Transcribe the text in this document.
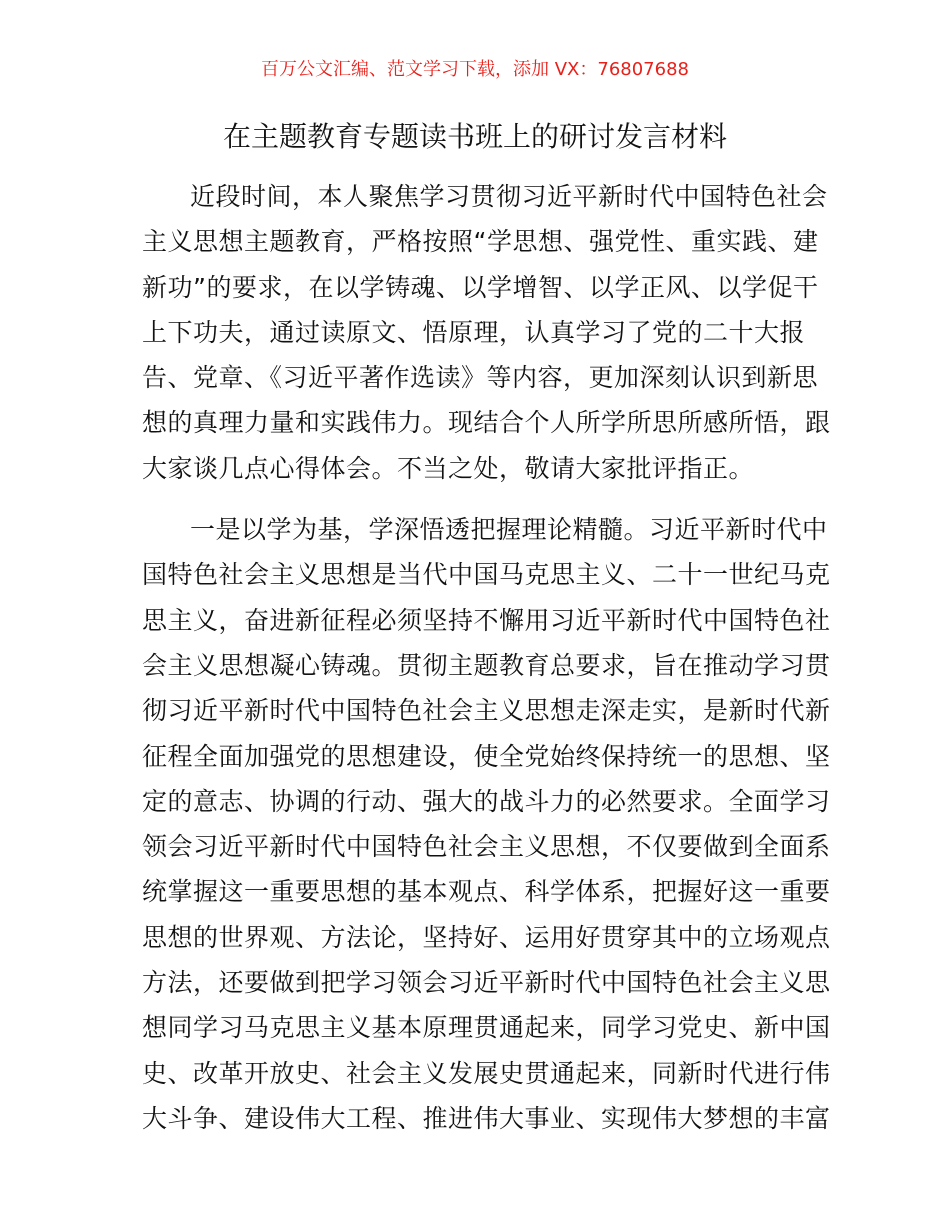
百万公文汇编、范文学习下载，添加 VX：76807688
在主题教育专题读书班上的研讨发言材料
近段时间，本人聚焦学习贯彻习近平新时代中国特色社会
主义思想主题教育，严格按照“学思想、强党性、重实践、建
新功”的要求，在以学铸魂、以学增智、以学正风、以学促干
上下功夫，通过读原文、悟原理，认真学习了党的二十大报
告、党章、《习近平著作选读》等内容，更加深刻认识到新思
想的真理力量和实践伟力。现结合个人所学所思所感所悟，跟
大家谈几点心得体会。不当之处，敬请大家批评指正。
一是以学为基，学深悟透把握理论精髓。习近平新时代中
国特色社会主义思想是当代中国马克思主义、二十一世纪马克
思主义，奋进新征程必须坚持不懈用习近平新时代中国特色社
会主义思想凝心铸魂。贯彻主题教育总要求，旨在推动学习贯
彻习近平新时代中国特色社会主义思想走深走实，是新时代新
征程全面加强党的思想建设，使全党始终保持统一的思想、坚
定的意志、协调的行动、强大的战斗力的必然要求。全面学习
领会习近平新时代中国特色社会主义思想，不仅要做到全面系
统掌握这一重要思想的基本观点、科学体系，把握好这一重要
思想的世界观、方法论，坚持好、运用好贯穿其中的立场观点
方法，还要做到把学习领会习近平新时代中国特色社会主义思
想同学习马克思主义基本原理贯通起来，同学习党史、新中国
史、改革开放史、社会主义发展史贯通起来，同新时代进行伟
大斗争、建设伟大工程、推进伟大事业、实现伟大梦想的丰富
